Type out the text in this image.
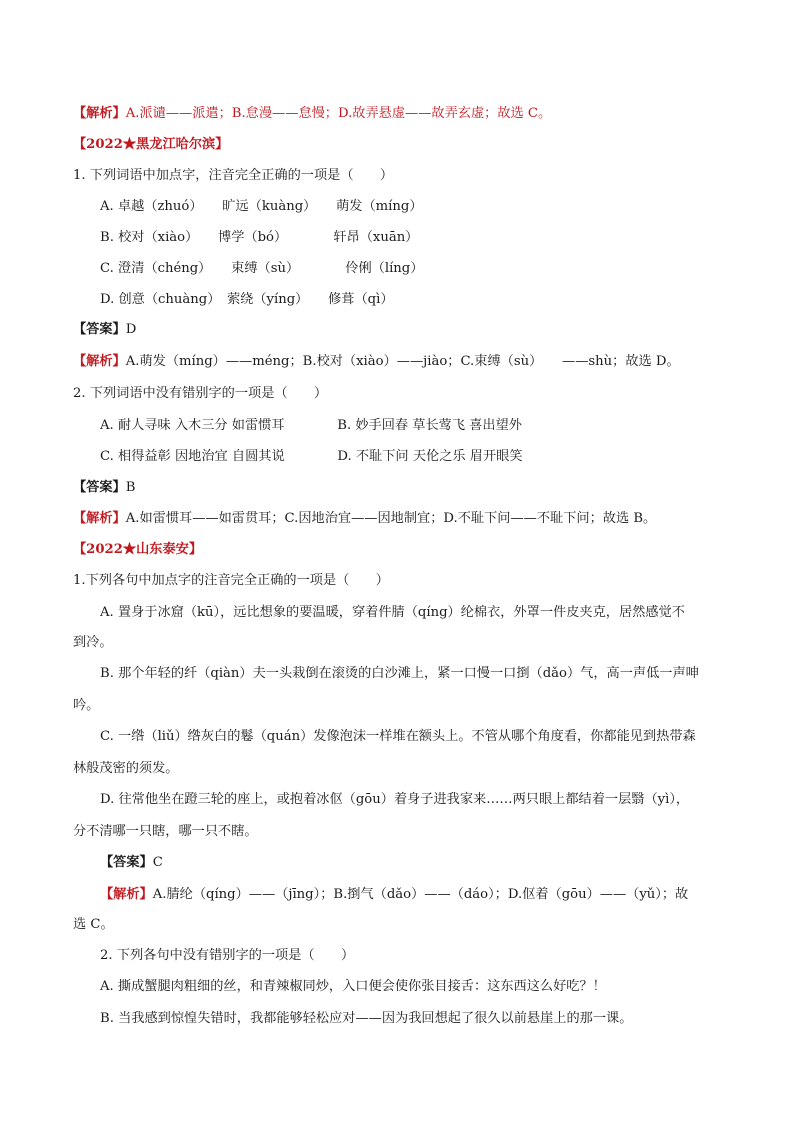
【解析】A.派谴——派遣；B.怠漫——怠慢；D.故弄悬虚——故弄玄虚；故选 C。
【2022★黑龙江哈尔滨】
1. 下列词语中加点字，注音完全正确的一项是（　　）
A. 卓越（zhuó）　　旷远（kuàng）　　萌发（míng）
B. 校对（xiào）　　博学（bó）　　　　轩昂（xuān）
C. 澄清（chéng）　　束缚（sù）　　　　伶俐（líng）
D. 创意（chuàng）　萦绕（yíng）　　修葺（qì）
【答案】D
【解析】A.萌发（míng）——méng；B.校对（xiào）——jiào；C.束缚（sù）　　——shù；故选 D。
2. 下列词语中没有错别字的一项是（　　）
A. 耐人寻味 入木三分 如雷惯耳　　　　B. 妙手回春 草长莺飞 喜出望外
C. 相得益彰 因地治宜 自圆其说　　　　D. 不耻下问 天伦之乐 眉开眼笑
【答案】B
【解析】A.如雷惯耳——如雷贯耳；C.因地治宜——因地制宜；D.不耻下问——不耻下问；故选 B。
【2022★山东泰安】
1.下列各句中加点字的注音完全正确的一项是（　　）
A. 置身于冰窟（kū），远比想象的要温暖，穿着件腈（qíng）纶棉衣，外罩一件皮夹克，居然感觉不
到冷。
B. 那个年轻的纤（qiàn）夫一头栽倒在滚烫的白沙滩上，紧一口慢一口捯（dǎo）气，高一声低一声呻
吟。
C. 一绺（liǔ）绺灰白的鬈（quán）发像泡沫一样堆在额头上。不管从哪个角度看，你都能见到热带森
林般茂密的须发。
D. 往常他坐在蹬三轮的座上，或抱着冰伛（gōu）着身子进我家来……两只眼上都结着一层翳（yì），
分不清哪一只瞎，哪一只不瞎。
【答案】C
【解析】A.腈纶（qíng）——（jīng）；B.捯气（dǎo）——（dáo）；D.伛着（gōu）——（yǔ）；故
选 C。
2. 下列各句中没有错别字的一项是（　　）
A. 撕成蟹腿肉粗细的丝，和青辣椒同炒，入口便会使你张目接舌：这东西这么好吃？！
B. 当我感到惊惶失错时，我都能够轻松应对——因为我回想起了很久以前悬崖上的那一课。
